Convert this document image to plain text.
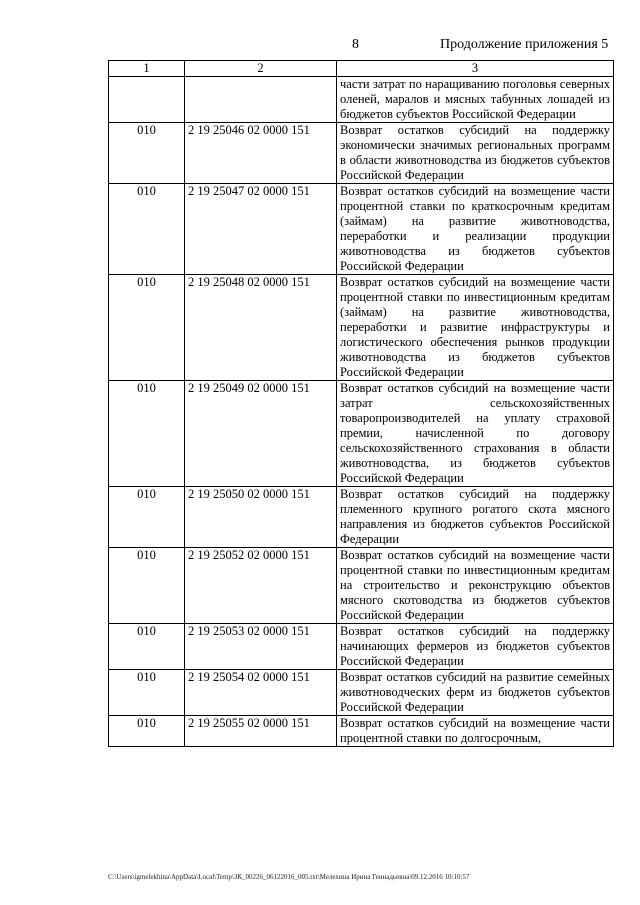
8	Продолжение приложения 5
1	2	3
		части затрат по наращиванию поголовья северных оленей, маралов и мясных табунных лошадей из бюджетов субъектов Российской Федерации
010	2 19 25046 02 0000 151	Возврат остатков субсидий на поддержку экономически значимых региональных программ в области животноводства из бюджетов субъектов Российской Федерации
010	2 19 25047 02 0000 151	Возврат остатков субсидий на возмещение части процентной ставки по краткосрочным кредитам (займам) на развитие животноводства, переработки и реализации продукции животноводства из бюджетов субъектов Российской Федерации
010	2 19 25048 02 0000 151	Возврат остатков субсидий на возмещение части процентной ставки по инвестиционным кредитам (займам) на развитие животноводства, переработки и развитие инфраструктуры и логистического обеспечения рынков продукции животноводства из бюджетов субъектов Российской Федерации
010	2 19 25049 02 0000 151	Возврат остатков субсидий на возмещение части затрат сельскохозяйственных товаропроизводителей на уплату страховой премии, начисленной по договору сельскохозяйственного страхования в области животноводства, из бюджетов субъектов Российской Федерации
010	2 19 25050 02 0000 151	Возврат остатков субсидий на поддержку племенного крупного рогатого скота мясного направления из бюджетов субъектов Российской Федерации
010	2 19 25052 02 0000 151	Возврат остатков субсидий на возмещение части процентной ставки по инвестиционным кредитам на строительство и реконструкцию объектов мясного скотоводства из бюджетов субъектов Российской Федерации
010	2 19 25053 02 0000 151	Возврат остатков субсидий на поддержку начинающих фермеров из бюджетов субъектов Российской Федерации
010	2 19 25054 02 0000 151	Возврат остатков субсидий на развитие семейных животноводческих ферм из бюджетов субъектов Российской Федерации
010	2 19 25055 02 0000 151	Возврат остатков субсидий на возмещение части процентной ставки по долгосрочным,
C:\Users\igmelekhina\AppData\Local\Temp\ЗК_00226_06122016_005.txt\Мелехина Ирина Геннадьевна\09.12.2016 10:10:57
